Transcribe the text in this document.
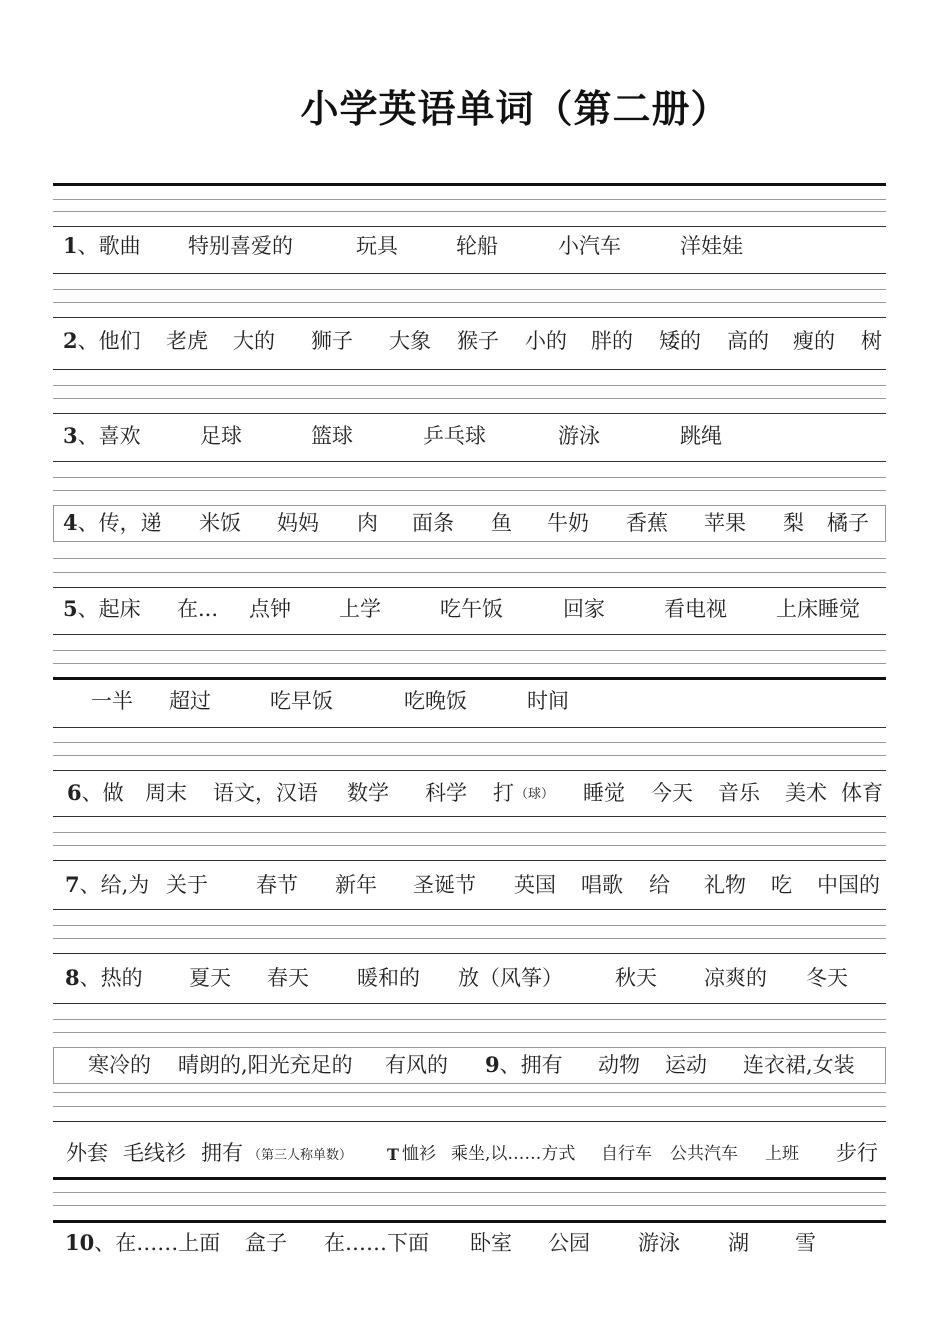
小学英语单词（第二册）
1、歌曲 特别喜爱的	玩具	轮船	小汽车	洋娃娃
2、他们 老虎 大的 狮子 大象 猴子 小的 胖的 矮的 高的 瘦的 树
3、喜欢	足球	篮球	乒乓球	游泳	跳绳
4、传，递 米饭 妈妈 肉 面条 鱼 牛奶 香蕉 苹果 梨 橘子
5、起床 在... 点钟 上学	吃午饭	回家	看电视 上床睡觉
一半 超过	吃早饭	吃晚饭	时间
6、做 周末 语文，汉语 数学 科学 打 （球） 睡觉 今天 音乐 美术 体育
7、给,为 关于 春节 新年 圣诞节 英国 唱歌 给 礼物 吃 中国的
8、热的 夏天 春天 暖和的 放（风筝） 秋天 凉爽的 冬天
寒冷的 晴朗的,阳光充足的 有风的 9、拥有 动物 运动 连衣裙,女装
外套 毛线衫 拥有 （第三人称单数） T 恤衫 乘坐,以……方式 自行车 公共汽车 上班 步行
10、在……上面 盒子 在……下面 卧室 公园 游泳 湖 雪
